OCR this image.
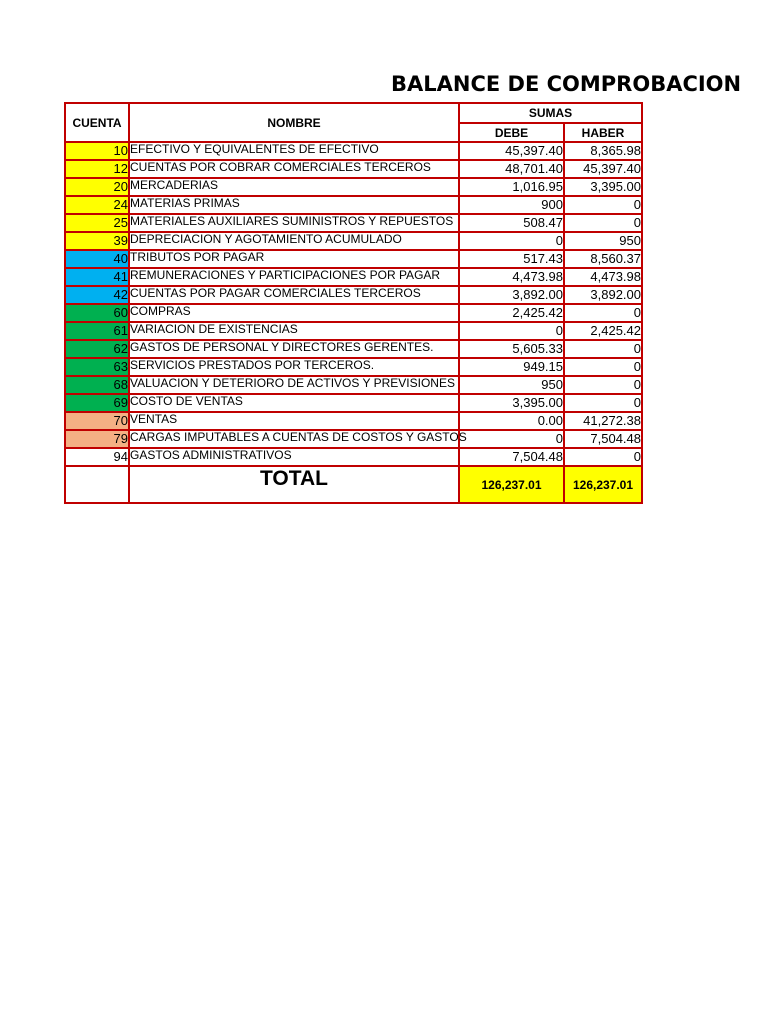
BALANCE DE COMPROBACION
CUENTA	NOMBRE	SUMAS	
		DEBE	HABER
10	EFECTIVO Y EQUIVALENTES DE EFECTIVO	45,397.40	8,365.98
12	CUENTAS POR COBRAR COMERCIALES TERCEROS	48,701.40	45,397.40
20	MERCADERIAS	1,016.95	3,395.00
24	MATERIAS PRIMAS	900	0
25	MATERIALES AUXILIARES SUMINISTROS Y REPUESTOS	508.47	0
39	DEPRECIACION Y AGOTAMIENTO ACUMULADO	0	950
40	TRIBUTOS POR PAGAR	517.43	8,560.37
41	REMUNERACIONES Y PARTICIPACIONES POR PAGAR	4,473.98	4,473.98
42	CUENTAS POR PAGAR COMERCIALES TERCEROS	3,892.00	3,892.00
60	COMPRAS	2,425.42	0
61	VARIACION DE EXISTENCIAS	0	2,425.42
62	GASTOS DE PERSONAL Y DIRECTORES GERENTES.	5,605.33	0
63	SERVICIOS PRESTADOS POR TERCEROS.	949.15	0
68	VALUACION Y DETERIORO DE ACTIVOS Y PREVISIONES	950	0
69	COSTO DE VENTAS	3,395.00	0
70	VENTAS	0.00	41,272.38
79	CARGAS IMPUTABLES A CUENTAS DE COSTOS Y GASTOS	0	7,504.48
94	GASTOS ADMINISTRATIVOS	7,504.48	0
	TOTAL	126,237.01	126,237.01
